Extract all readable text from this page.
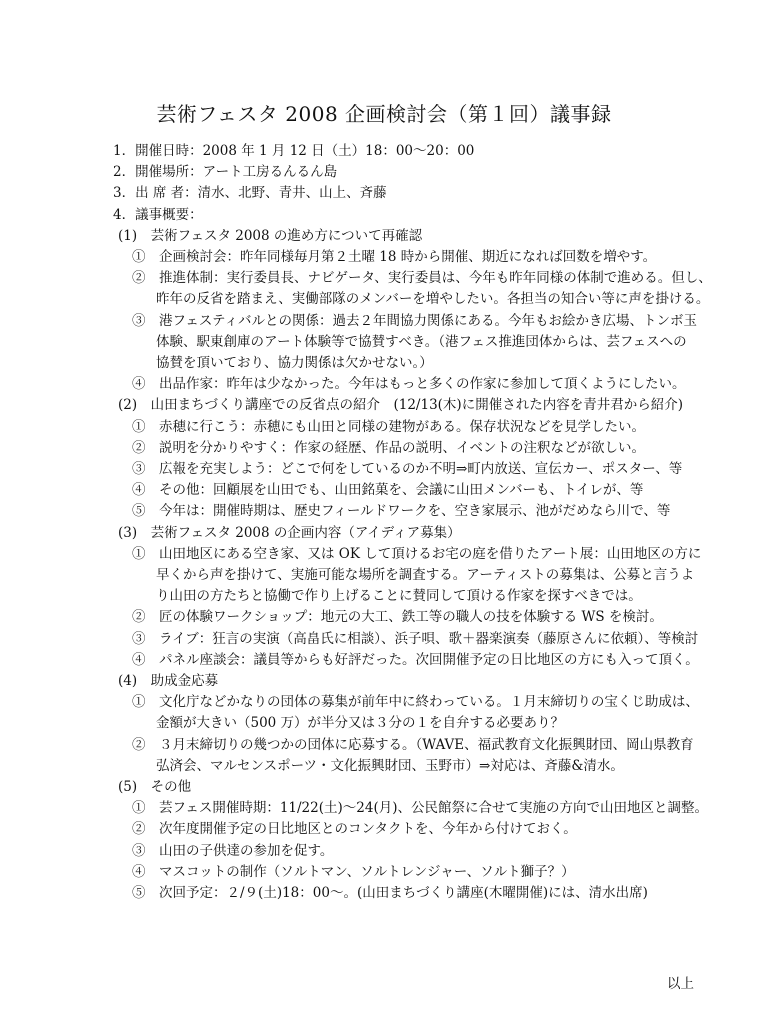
芸術フェスタ 2008 企画検討会（第１回）議事録
1．開催日時：2008 年 1 月 12 日（土）18：00～20：00
2．開催場所：アート工房るんるん島
3．出 席 者：清水、北野、青井、山上、斉藤
4．議事概要：
(1)　芸術フェスタ 2008 の進め方について再確認
①　企画検討会：昨年同様毎月第２土曜 18 時から開催、期近になれば回数を増やす。
②　推進体制：実行委員長、ナビゲータ、実行委員は、今年も昨年同様の体制で進める。但し、
昨年の反省を踏まえ、実働部隊のメンバーを増やしたい。各担当の知合い等に声を掛ける。
③　港フェスティバルとの関係：過去２年間協力関係にある。今年もお絵かき広場、トンボ玉
体験、駅東創庫のアート体験等で協賛すべき。（港フェス推進団体からは、芸フェスへの
協賛を頂いており、協力関係は欠かせない。）
④　出品作家：昨年は少なかった。今年はもっと多くの作家に参加して頂くようにしたい。
(2)　山田まちづくり講座での反省点の紹介　(12/13(木)に開催された内容を青井君から紹介)
①　赤穂に行こう：赤穂にも山田と同様の建物がある。保存状況などを見学したい。
②　説明を分かりやすく：作家の経歴、作品の説明、イベントの注釈などが欲しい。
③　広報を充実しよう：どこで何をしているのか不明⇒町内放送、宣伝カー、ポスター、等
④　その他：回顧展を山田でも、山田銘菓を、会議に山田メンバーも、トイレが、等
⑤　今年は：開催時期は、歴史フィールドワークを、空き家展示、池がだめなら川で、等
(3)　芸術フェスタ 2008 の企画内容（アイディア募集）
①　山田地区にある空き家、又は OK して頂けるお宅の庭を借りたアート展：山田地区の方に
早くから声を掛けて、実施可能な場所を調査する。アーティストの募集は、公募と言うよ
り山田の方たちと協働で作り上げることに賛同して頂ける作家を探すべきでは。
②　匠の体験ワークショップ：地元の大工、鉄工等の職人の技を体験する WS を検討。
③　ライブ：狂言の実演（高畠氏に相談）、浜子唄、歌＋器楽演奏（藤原さんに依頼）、等検討
④　パネル座談会：議員等からも好評だった。次回開催予定の日比地区の方にも入って頂く。
(4)　助成金応募
①　文化庁などかなりの団体の募集が前年中に終わっている。１月末締切りの宝くじ助成は、
金額が大きい（500 万）が半分又は３分の１を自弁する必要あり？
②　３月末締切りの幾つかの団体に応募する。（WAVE、福武教育文化振興財団、岡山県教育
弘済会、マルセンスポーツ・文化振興財団、玉野市）⇒対応は、斉藤&清水。
(5)　その他
①　芸フェス開催時期：11/22(土)～24(月)、公民館祭に合せて実施の方向で山田地区と調整。
②　次年度開催予定の日比地区とのコンタクトを、今年から付けておく。
③　山田の子供達の参加を促す。
④　マスコットの制作（ソルトマン、ソルトレンジャー、ソルト獅子？）
⑤　次回予定：２/９(土)18：00～。(山田まちづくり講座(木曜開催)には、清水出席)
以上
